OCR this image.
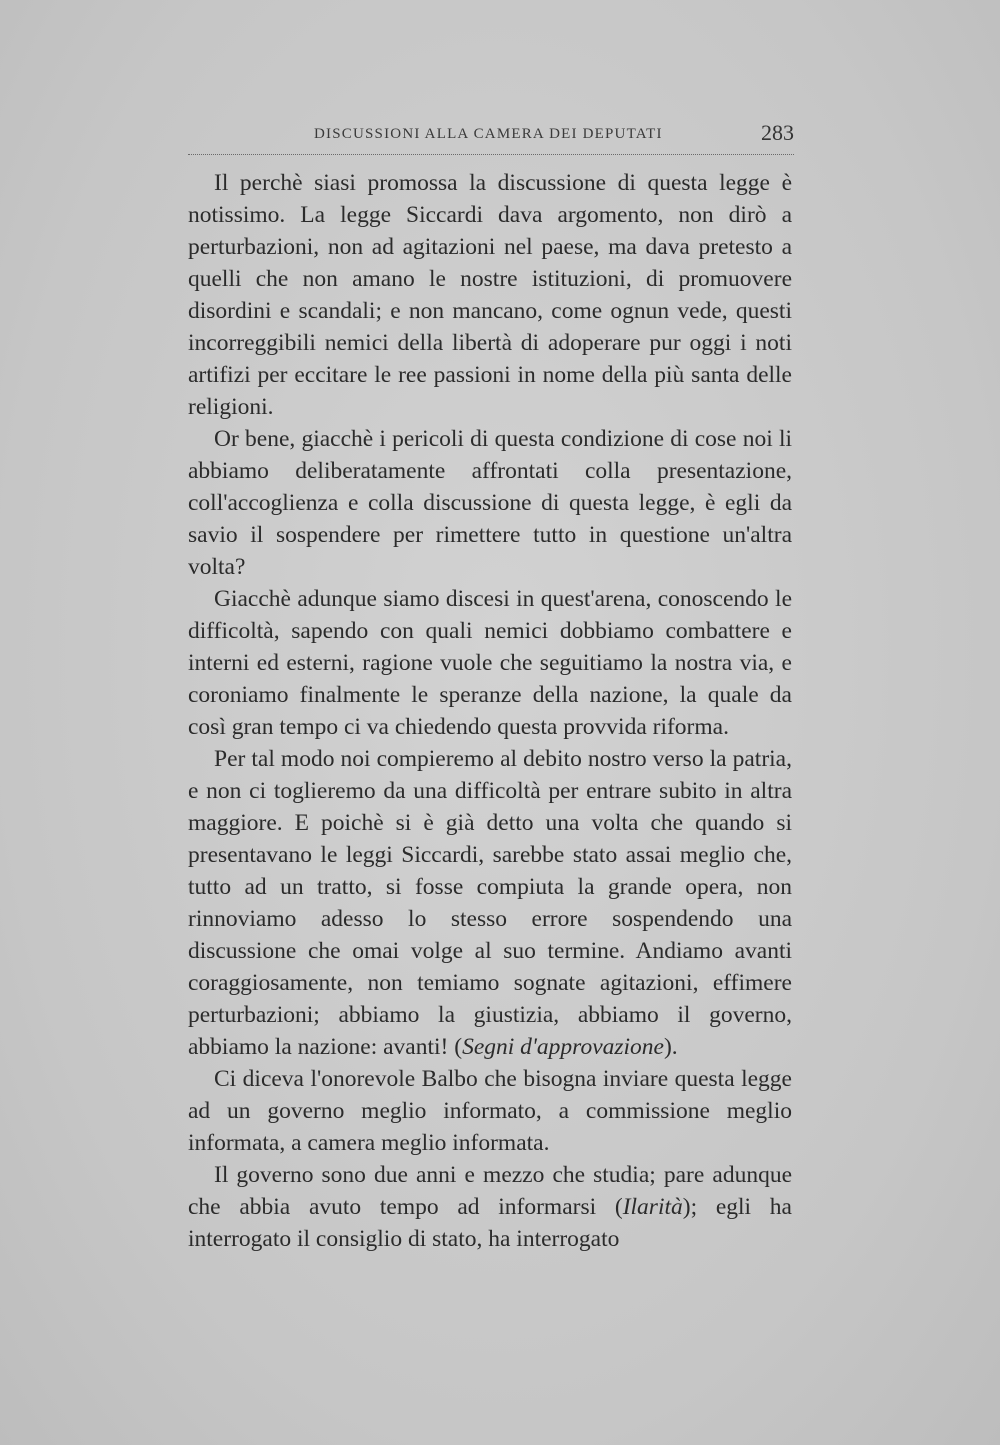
DISCUSSIONI ALLA CAMERA DEI DEPUTATI	283

Il perchè siasi promossa la discussione di questa legge è notissimo. La legge Siccardi dava argomento, non dirò a perturbazioni, non ad agitazioni nel paese, ma dava pretesto a quelli che non amano le nostre istituzioni, di promuovere disordini e scandali; e non mancano, come ognun vede, questi incorreggibili nemici della libertà di adoperare pur oggi i noti artifizi per eccitare le ree passioni in nome della più santa delle religioni.

Or bene, giacchè i pericoli di questa condizione di cose noi li abbiamo deliberatamente affrontati colla presentazione, coll'accoglienza e colla discussione di questa legge, è egli da savio il sospendere per rimettere tutto in questione un'altra volta?

Giacchè adunque siamo discesi in quest'arena, conoscendo le difficoltà, sapendo con quali nemici dobbiamo combattere e interni ed esterni, ragione vuole che seguitiamo la nostra via, e coroniamo finalmente le speranze della nazione, la quale da così gran tempo ci va chiedendo questa provvida riforma.

Per tal modo noi compieremo al debito nostro verso la patria, e non ci toglieremo da una difficoltà per entrare subito in altra maggiore. E poichè si è già detto una volta che quando si presentavano le leggi Siccardi, sarebbe stato assai meglio che, tutto ad un tratto, si fosse compiuta la grande opera, non rinnoviamo adesso lo stesso errore sospendendo una discussione che omai volge al suo termine. Andiamo avanti coraggiosamente, non temiamo sognate agitazioni, effimere perturbazioni; abbiamo la giustizia, abbiamo il governo, abbiamo la nazione: avanti! (Segni d'approvazione).

Ci diceva l'onorevole Balbo che bisogna inviare questa legge ad un governo meglio informato, a commissione meglio informata, a camera meglio informata.

Il governo sono due anni e mezzo che studia; pare adunque che abbia avuto tempo ad informarsi (Ilarità); egli ha interrogato il consiglio di stato, ha interrogato
